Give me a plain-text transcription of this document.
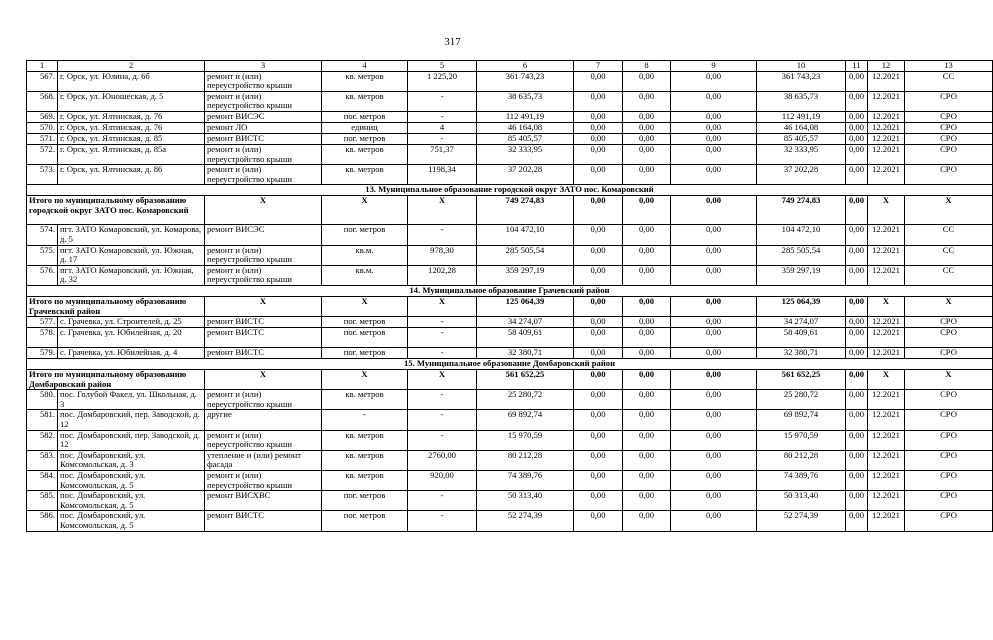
317
1	2	3	4	5	6	7	8	9	10	11	12	13
567.	г. Орск, ул. Юлина, д. 6б	ремонт и (или) переустройство крыши	кв. метров	1 225,20	361 743,23	0,00	0,00	0,00	361 743,23	0,00	12.2021	СС
568.	г. Орск, ул. Юношеская, д. 5	ремонт и (или) переустройство крыши	кв. метров	-	38 635,73	0,00	0,00	0,00	38 635,73	0,00	12.2021	СРО
569.	г. Орск, ул. Ялтинская, д. 76	ремонт ВИСЭС	пог. метров	-	112 491,19	0,00	0,00	0,00	112 491,19	0,00	12.2021	СРО
570.	г. Орск, ул. Ялтинская, д. 76	ремонт ЛО	единиц	4	46 164,08	0,00	0,00	0,00	46 164,08	0,00	12.2021	СРО
571.	г. Орск, ул. Ялтинская, д. 85	ремонт ВИСТС	пог. метров	-	85 405,57	0,00	0,00	0,00	85 405,57	0,00	12.2021	СРО
572.	г. Орск, ул. Ялтинская, д. 85а	ремонт и (или) переустройство крыши	кв. метров	751,37	32 333,95	0,00	0,00	0,00	32 333,95	0,00	12.2021	СРО
573.	г. Орск, ул. Ялтинская, д. 86	ремонт и (или) переустройство крыши	кв. метров	1198,34	37 202,28	0,00	0,00	0,00	37 202,28	0,00	12.2021	СРО
13. Муниципальное образование городской округ ЗАТО пос. Комаровский												
Итого по муниципальному образованию городской округ ЗАТО пос. Комаровский		X	X	X	749 274,83	0,00	0,00	0,00	749 274,83	0,00	X	X
574.	пгт. ЗАТО Комаровский, ул. Комарова, д. 5	ремонт ВИСЭС	пог. метров	-	104 472,10	0,00	0,00	0,00	104 472,10	0,00	12.2021	СС
575.	пгт. ЗАТО Комаровский, ул. Южная, д. 17	ремонт и (или) переустройство крыши	кв.м.	978,30	285 505,54	0,00	0,00	0,00	285 505,54	0,00	12.2021	СС
576.	пгт. ЗАТО Комаровский, ул. Южная, д. 32	ремонт и (или) переустройство крыши	кв.м.	1202,28	359 297,19	0,00	0,00	0,00	359 297,19	0,00	12.2021	СС
14. Муниципальное образование Грачевский район												
Итого по муниципальному образованию Грачевский район		X	X	X	125 064,39	0,00	0,00	0,00	125 064,39	0,00	X	X
577.	с. Грачевка, ул. Строителей, д. 25	ремонт ВИСТС	пог. метров	-	34 274,07	0,00	0,00	0,00	34 274,07	0,00	12.2021	СРО
578.	с. Грачевка, ул. Юбилейная, д. 20	ремонт ВИСТС	пог. метров	-	58 409,61	0,00	0,00	0,00	58 409,61	0,00	12.2021	СРО
579.	с. Грачевка, ул. Юбилейная, д. 4	ремонт ВИСТС	пог. метров	-	32 380,71	0,00	0,00	0,00	32 380,71	0,00	12.2021	СРО
15. Муниципальное образование Домбаровский район												
Итого по муниципальному образованию Домбаровский район		X	X	X	561 652,25	0,00	0,00	0,00	561 652,25	0,00	X	X
580.	пос. Голубой Факел, ул. Школьная, д. 3	ремонт и (или) переустройство крыши	кв. метров	-	25 280,72	0,00	0,00	0,00	25 280,72	0,00	12.2021	СРО
581.	пос. Домбаровский, пер. Заводской, д. 12	другие	-	-	69 892,74	0,00	0,00	0,00	69 892,74	0,00	12.2021	СРО
582.	пос. Домбаровский, пер. Заводской, д. 12	ремонт и (или) переустройство крыши	кв. метров	-	15 970,59	0,00	0,00	0,00	15 970,59	0,00	12.2021	СРО
583.	пос. Домбаровский, ул. Комсомольская, д. 3	утепление и (или) ремонт фасада	кв. метров	2760,00	80 212,28	0,00	0,00	0,00	80 212,28	0,00	12.2021	СРО
584.	пос. Домбаровский, ул. Комсомольская, д. 5	ремонт и (или) переустройство крыши	кв. метров	920,00	74 389,76	0,00	0,00	0,00	74 389,76	0,00	12.2021	СРО
585.	пос. Домбаровский, ул. Комсомольская, д. 5	ремонт ВИСХВС	пог. метров	-	50 313,40	0,00	0,00	0,00	50 313,40	0,00	12.2021	СРО
586.	пос. Домбаровский, ул. Комсомольская, д. 5	ремонт ВИСТС	пог. метров	-	52 274,39	0,00	0,00	0,00	52 274,39	0,00	12.2021	СРО
